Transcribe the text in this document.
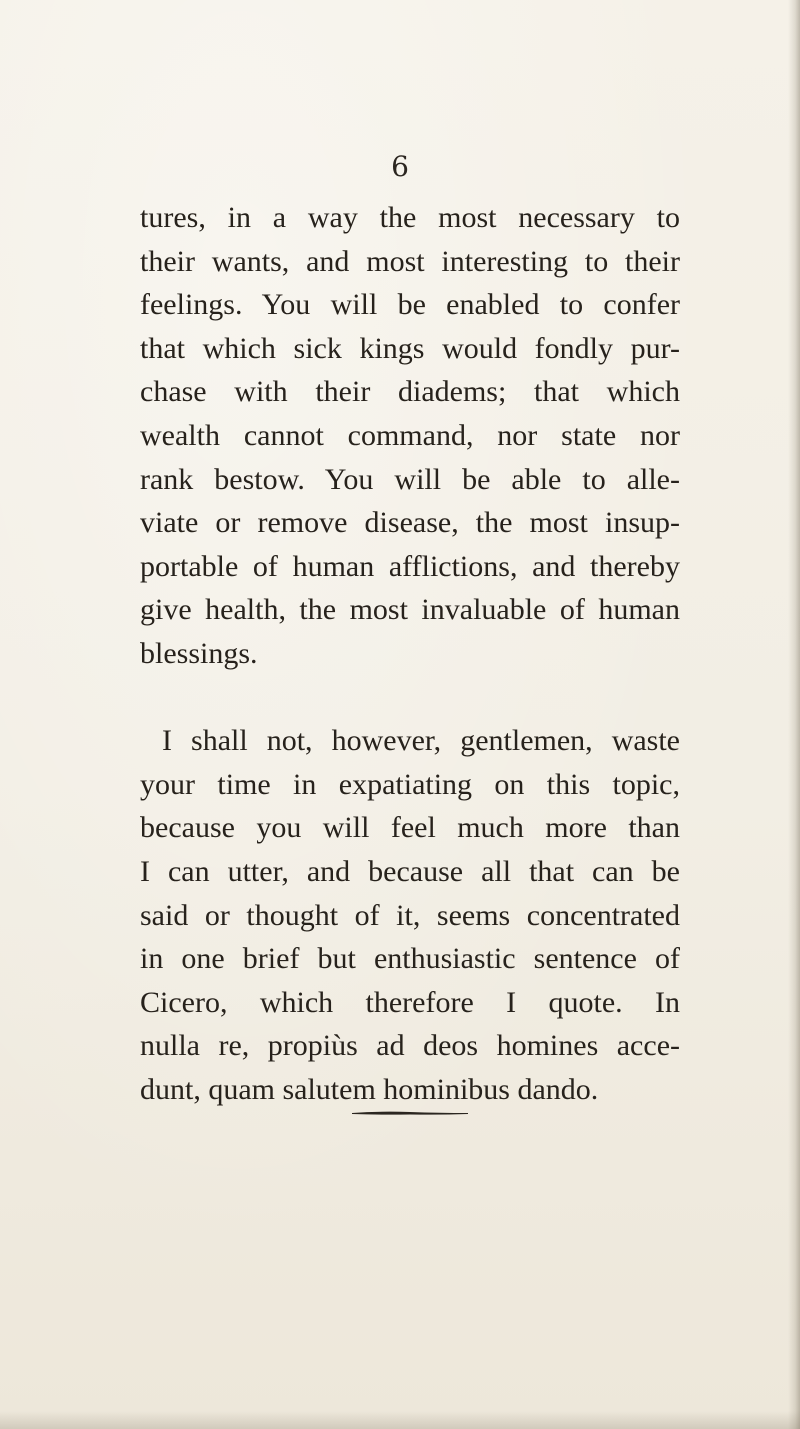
6
tures, in a way the most necessary to
their wants, and most interesting to their
feelings. You will be enabled to confer
that which sick kings would fondly pur-
chase with their diadems; that which
wealth cannot command, nor state nor
rank bestow. You will be able to alle-
viate or remove disease, the most insup-
portable of human afflictions, and thereby
give health, the most invaluable of human
blessings.
I shall not, however, gentlemen, waste
your time in expatiating on this topic,
because you will feel much more than
I can utter, and because all that can be
said or thought of it, seems concentrated
in one brief but enthusiastic sentence of
Cicero, which therefore I quote. In
nulla re, propiùs ad deos homines acce-
dunt, quam salutem hominibus dando.
